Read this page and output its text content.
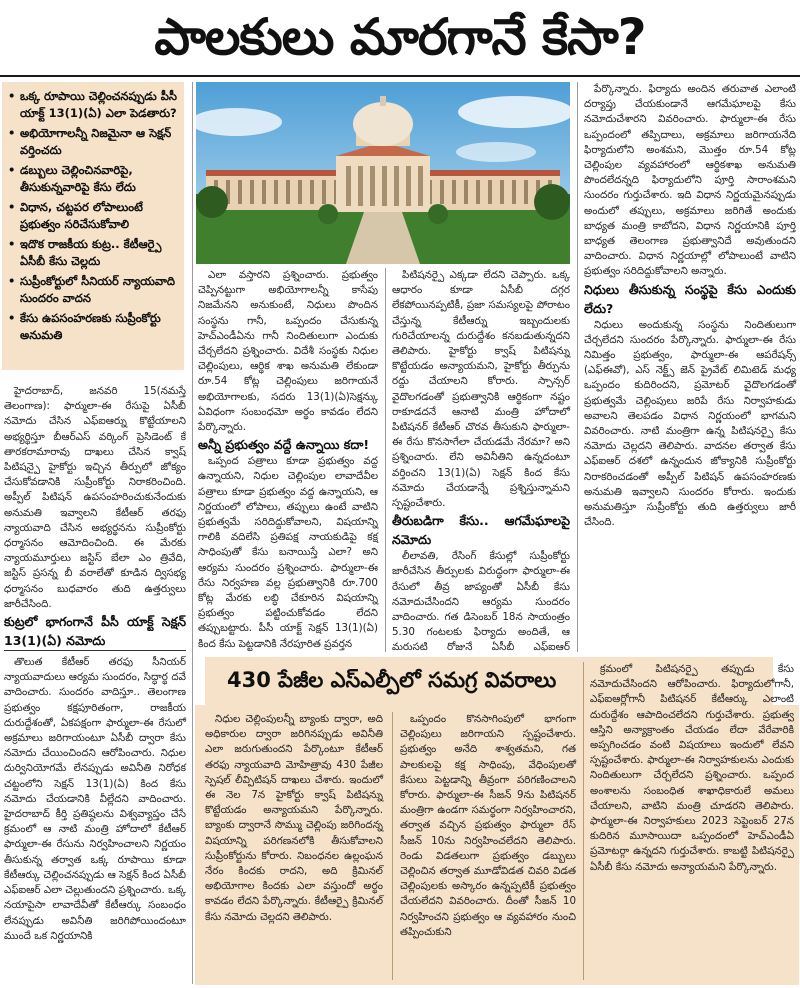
పాలకులు మారగానే కేసా?
• ఒక్క రూపాయి చెల్లించనప్పుడు పీసీ యాక్ట్ 13(1)(ఏ) ఎలా పెడతారు?
• అభియోగాలన్నీ నిజమైనా ఆ సెక్షన్ వర్తించదు
• డబ్బులు చెల్లించినవారిపై, తీసుకున్నవారిపై కేసు లేదు
• విధాన, చట్టపర లోపాలుంటే ప్రభుత్వం సరిచేసుకోవాలి
• ఇదొక రాజకీయ కుట్ర.. కేటీఆర్పై ఏసీబీ కేసు చెల్లదు
• సుప్రీంకోర్టులో సీనియర్ న్యాయవాది సుందరం వాదన
• కేసు ఉపసంహరణకు సుప్రీంకోర్టు అనుమతి

హైదరాబాద్, జనవరి 15(నమస్తే తెలంగాణ): ఫార్ములా-ఈ రేసుపై ఏసీబీ నమోదు చేసిన ఎఫ్ఐఆర్ను కొట్టేయాలని అభ్యర్థిస్తూ బీఆర్ఎస్ వర్కింగ్ ప్రెసిడెంట్ కే తారకరామారావు దాఖలు చేసిన క్వాష్ పిటిషన్పై హైకోర్టు ఇచ్చిన తీర్పులో జోక్యం చేసుకోవడానికి సుప్రీంకోర్టు నిరాకరించింది. అప్పీల్ పిటిషన్ ఉపసంహరించుకునేందుకు అనుమతి ఇవ్వాలని కేటీఆర్ తరఫు న్యాయవాది చేసిన అభ్యర్థనను సుప్రీంకోర్టు ధర్మాసనం ఆమోదించింది. ఈ మేరకు న్యాయమూర్తులు జస్టిస్ బేలా ఎం త్రివేది, జస్టిస్ ప్రసన్న బీ వరాలేతో కూడిన ద్విసభ్య ధర్మాసనం బుధవారం తుది ఉత్తర్వులు జారీచేసింది.

కుట్రలో భాగంగానే పీసీ యాక్ట్ సెక్షన్ 13(1)(ఏ) నమోదు

తొలుత కేటీఆర్ తరఫు సీనియర్ న్యాయవాదులు ఆర్యమ సుందరం, సిద్ధార్థ దవే వాదించారు. సుందరం వాదిస్తూ.. తెలంగాణ ప్రభుత్వం కక్షపూరితంగా, రాజకీయ దురుద్దేశంతో, ఏకపక్షంగా ఫార్ములా-ఈ రేసులో అక్రమాలు జరిగాయంటూ ఏసీబీ ద్వారా కేసు నమోదు చేయించిందని ఆరోపించారు. నిధుల దుర్వినియోగమే లేనప్పుడు అవినీతి నిరోధక చట్టంలోని సెక్షన్ 13(1)(ఏ) కింద కేసు నమోదు చేయడానికి వీల్లేదని వాదించారు. హైదరాబాద్ కీర్తి ప్రతిష్ఠలను విశ్వవ్యాప్తం చేసే క్రమంలో ఆ నాటి మంత్రి హోదాలో కేటీఆర్ ఫార్ములా-ఈ రేసును నిర్వహించాలని నిర్ణయం తీసుకున్న తర్వాత ఒక్క రూపాయి కూడా కేటీఆర్కు చెల్లించనప్పుడు ఆ సెక్షన్ కింద ఏసీబీ ఎఫ్ఐఆర్ ఎలా చెల్లుతుందని ప్రశ్నించారు. ఒక్క నయాపైసా లావాదేవీతో కేటీఆర్కు సంబంధం లేనప్పుడు అవినీతి జరిగిపోయిందంటూ ముందే ఒక నిర్ణయానికి

ఎలా వస్తారని ప్రశ్నించారు. ప్రభుత్వం చెప్పినట్టుగా అభియోగాలన్నీ కాసేపు నిజమేనని అనుకుంటే, నిధులు పొందిన సంస్థను గానీ, ఒప్పందం చేసుకున్న హెచ్ఎండీఏను గానీ నిందితులుగా ఎందుకు చేర్చలేదని ప్రశ్నించారు. విదేశీ సంస్థకు నిధుల చెల్లింపులు, ఆర్థిక శాఖ అనుమతి లేకుండా రూ.54 కోట్ల చెల్లింపులు జరిగాయనే అభియోగాలకు, సదరు 13(1)(ఏ)సెక్షన్కు ఏవిధంగా సంబంధమో అర్థం కావడం లేదని పేర్కొన్నారు.

అన్నీ ప్రభుత్వం వద్దే ఉన్నాయి కదా!

ఒప్పంద పత్రాలు కూడా ప్రభుత్వం వద్ద ఉన్నాయని, నిధుల చెల్లింపుల లావాదేవీల పత్రాలు కూడా ప్రభుత్వం వద్ద ఉన్నాయని, ఆ నిర్ణయంలో లోపాలు, తప్పులు ఉంటే వాటిని ప్రభుత్వమే సరిదిద్దుకోవాలని, విషయాన్ని గాలికి వదిలేసి ప్రతిపక్ష నాయకుడిపై కక్ష సాధింపుతో కేసు బనాయిస్తే ఎలా? అని ఆర్యమ సుందరం ప్రశ్నించారు. ఫార్ములా-ఈ రేసు నిర్వహణ వల్ల ప్రభుత్వానికి రూ.700 కోట్ల మేరకు లబ్ధి చేకూరిన విషయాన్ని ప్రభుత్వం పట్టించుకోవడం లేదని తప్పుబట్టారు. పీసీ యాక్ట్ సెక్షన్ 13(1)(ఏ) కింద కేసు పెట్టడానికి నేరపూరిత ప్రవర్తన

పిటిషనర్పై ఎక్కడా లేదని చెప్పారు. ఒక్క ఆధారం కూడా ఏసీబీ దగ్గర లేకపోయినప్పటికీ, ప్రజా సమస్యలపై పోరాటం చేస్తున్న కేటీఆర్ను ఇబ్బందులకు గురిచేయాలన్న దురుద్దేశం కనబడుతున్నదని తెలిపారు. హైకోర్టు క్వాష్ పిటిషన్ను కొట్టేయడం అన్యాయమని, హైకోర్టు తీర్పును రద్దు చేయాలని కోరారు. స్పాన్సర్ వైదొలగడంతో ప్రభుత్వానికి ఆర్థికంగా నష్టం రాకూడదనే ఆనాటి మంత్రి హోదాలో పిటిషనర్ కేటీఆర్ చొరవ తీసుకుని ఫార్ములా-ఈ రేసు కొనసాగేలా చేయడమే నేరమా? అని ప్రశ్నించారు. లేని అవినీతిని ఉన్నదంటూ వర్తించని 13(1)(ఏ) సెక్షన్ కింద కేసు నమోదు చేయడాన్నే ప్రశ్నిస్తున్నామని స్పష్టంచేశారు.

తీరుబడిగా కేసు.. ఆగమేఘాలపై నమోదు

లీలావతి, రేసింగ్ కేసుల్లో సుప్రీంకోర్టు జారీచేసిన తీర్పులకు విరుద్ధంగా ఫార్ములా-ఈ రేసులో తీవ్ర జాప్యంతో ఏసీబీ కేసు నమోదుచేసిందని ఆర్యమ సుందరం వాదించారు. గత డిసెంబర్ 18న సాయంత్రం 5.30 గంటలకు ఫిర్యాదు అందితే, ఆ మరుసటి రోజునే ఏసీబీ ఎఫ్ఐఆర్

పేర్కొన్నారు. ఫిర్యాదు అందిన తరువాత ఎలాంటి దర్యాప్తు చేయకుండానే ఆగమేఘాలపై కేసు నమోదుచేశారని వివరించారు. ఫార్ములా-ఈ రేసు ఒప్పందంలో తప్పిదాలు, అక్రమాలు జరిగాయనేది ఫిర్యాదులోని అంశమని, మొత్తం రూ.54 కోట్ల చెల్లింపుల వ్యవహారంలో ఆర్థికశాఖ అనుమతి పొందలేదన్నది ఫిర్యాదులోని పూర్తి సారాంశమని సుందరం గుర్తుచేశారు. ఇది విధాన నిర్ణయమైనప్పుడు అందులో తప్పులు, అక్రమాలు జరిగితే అందుకు బాధ్యత మంత్రి కాబోదని, విధాన నిర్ణయానికి పూర్తి బాధ్యత తెలంగాణ ప్రభుత్వానిదే అవుతుందని వాదించారు. విధాన నిర్ణయాల్లో లోపాలుంటే వాటిని ప్రభుత్వం సరిదిద్దుకోవాలని అన్నారు.

నిధులు తీసుకున్న సంస్థపై కేసు ఎందుకు లేదు?

నిధులు అందుకున్న సంస్థను నిందితులుగా చేర్చలేదని సుందరం పేర్కొన్నారు. ఫార్ములా-ఈ రేసు నిమిత్తం ప్రభుత్వం, ఫార్ములా-ఈ ఆపరేషన్స్ (ఎఫ్ఈవో), ఎస్ నెక్ట్స్ జెన్ ప్రైవేట్ లిమిటెడ్ మధ్య ఒప్పందం కుదిరిందని, ప్రమోటర్ వైదొలగడంతో ప్రభుత్వమే చెల్లింపులు జరిపే రేసు నిర్వాహకుడు అవాలని తెలపడం విధాన నిర్ణయంలో భాగమని వివరించారు. నాటి మంత్రిగా ఉన్న పిటిషనర్పై కేసు నమోదు చెల్లదని తెలిపారు. వాదనల తర్వాత కేసు ఎఫ్ఐఆర్ దశలో ఉన్నందున జోక్యానికి సుప్రీంకోర్టు నిరాకరించడంతో అప్పీల్ పిటిషన్ ఉపసంహరణకు అనుమతి ఇవ్వాలని సుందరం కోరారు. ఇందుకు అనుమతిస్తూ సుప్రీంకోర్టు తుది ఉత్తర్వులు జారీ చేసింది.

430 పేజీల ఎస్ఎల్పీలో సమగ్ర వివరాలు

నిధుల చెల్లింపులన్నీ బ్యాంకు ద్వారా, అది అధికారుల ద్వారా జరిగినప్పుడు అవినీతి ఎలా జరుగుతుందని పేర్కొంటూ కేటీఆర్ తరఫు న్యాయవాది మోహిత్రావు 430 పేజీల స్పెషల్ లీవ్పిటిషన్ దాఖలు చేశారు. ఇందులో ఈ నెల 7న హైకోర్టు క్వాష్ పిటిషన్ను కొట్టేయడం అన్యాయమని పేర్కొన్నారు. బ్యాంకు ద్వారానే సొమ్ము చెల్లింపు జరిగిందన్న విషయాన్ని పరిగణనలోకి తీసుకోవాలని సుప్రీంకోర్టును కోరారు. నిబంధనల ఉల్లంఘన నేరం కిందకు రాదని, అది క్రిమినల్ అభియోగాల కిందకు ఎలా వస్తుందో అర్థం కావడం లేదని పేర్కొన్నారు. కేటీఆర్పై క్రిమినల్ కేసు నమోదు చెల్లదని తెలిపారు.

ఒప్పందం కొనసాగింపులో భాగంగా చెల్లింపులు జరిగాయని స్పష్టంచేశారు. ప్రభుత్వం అనేది శాశ్వతమని, గత పాలకులపై కక్ష సాధింపు, వేధింపులతో కేసులు పెట్టడాన్ని తీవ్రంగా పరిగణించాలని కోరారు. ఫార్ములా-ఈ సీజన్ 9ను పిటిషనర్ మంత్రిగా ఉండగా సమర్థంగా నిర్వహించారని, తర్వాత వచ్చిన ప్రభుత్వం ఫార్ములా రేస్ సీజన్ 10ను నిర్వహించలేదని తెలిపారు. రెండు విడతలుగా ప్రభుత్వం డబ్బులు చెల్లించిన తర్వాత మూడోవిడత చివరి విడత చెల్లింపులకు అస్కారం ఉన్నప్పటికీ ప్రభుత్వం చేయలేదని వివరించారు. దీంతో సీజన్ 10 నిర్వహించని ప్రభుత్వం ఆ వ్యవహారం నుంచి తప్పించుకుని

క్రమంలో పిటిషనర్పై తప్పుడు కేసు నమోదుచేసిందని ఆరోపించారు. ఫిర్యాదులోగానీ, ఎఫ్ఐఆర్లోగానీ పిటిషనర్ కేటీఆర్కు ఎలాంటి దురుద్దేశం ఆపాదించలేదని గుర్తుచేశారు. ప్రభుత్వ ఆస్తిని అన్యాక్రాంతం చేయడం లేదా వేరేవారికి అప్పగించడం వంటి విషయాలు ఇందులో లేవని స్పష్టంచేశారు. ఫార్ములా-ఈ నిర్వాహకులను ఎందుకు నిందితులుగా చేర్చలేదని ప్రశ్నించారు. ఒప్పంద అంశాలను సంబంధిత శాఖాధికారులే అమలు చేయాలని, వాటిని మంత్రి చూడరని తెలిపారు. ఫార్ములా-ఈ నిర్వాహకులు 2023 సెప్టెంబర్ 27న కుదిరిన మూసాయిదా ఒప్పందంలో హెచ్ఎండీఏ ప్రమోటర్గా ఉన్నదని గుర్తుచేశారు. కాబట్టి పిటిషనర్పై ఏసీబీ కేసు నమోదు అన్యాయమని పేర్కొన్నారు.
